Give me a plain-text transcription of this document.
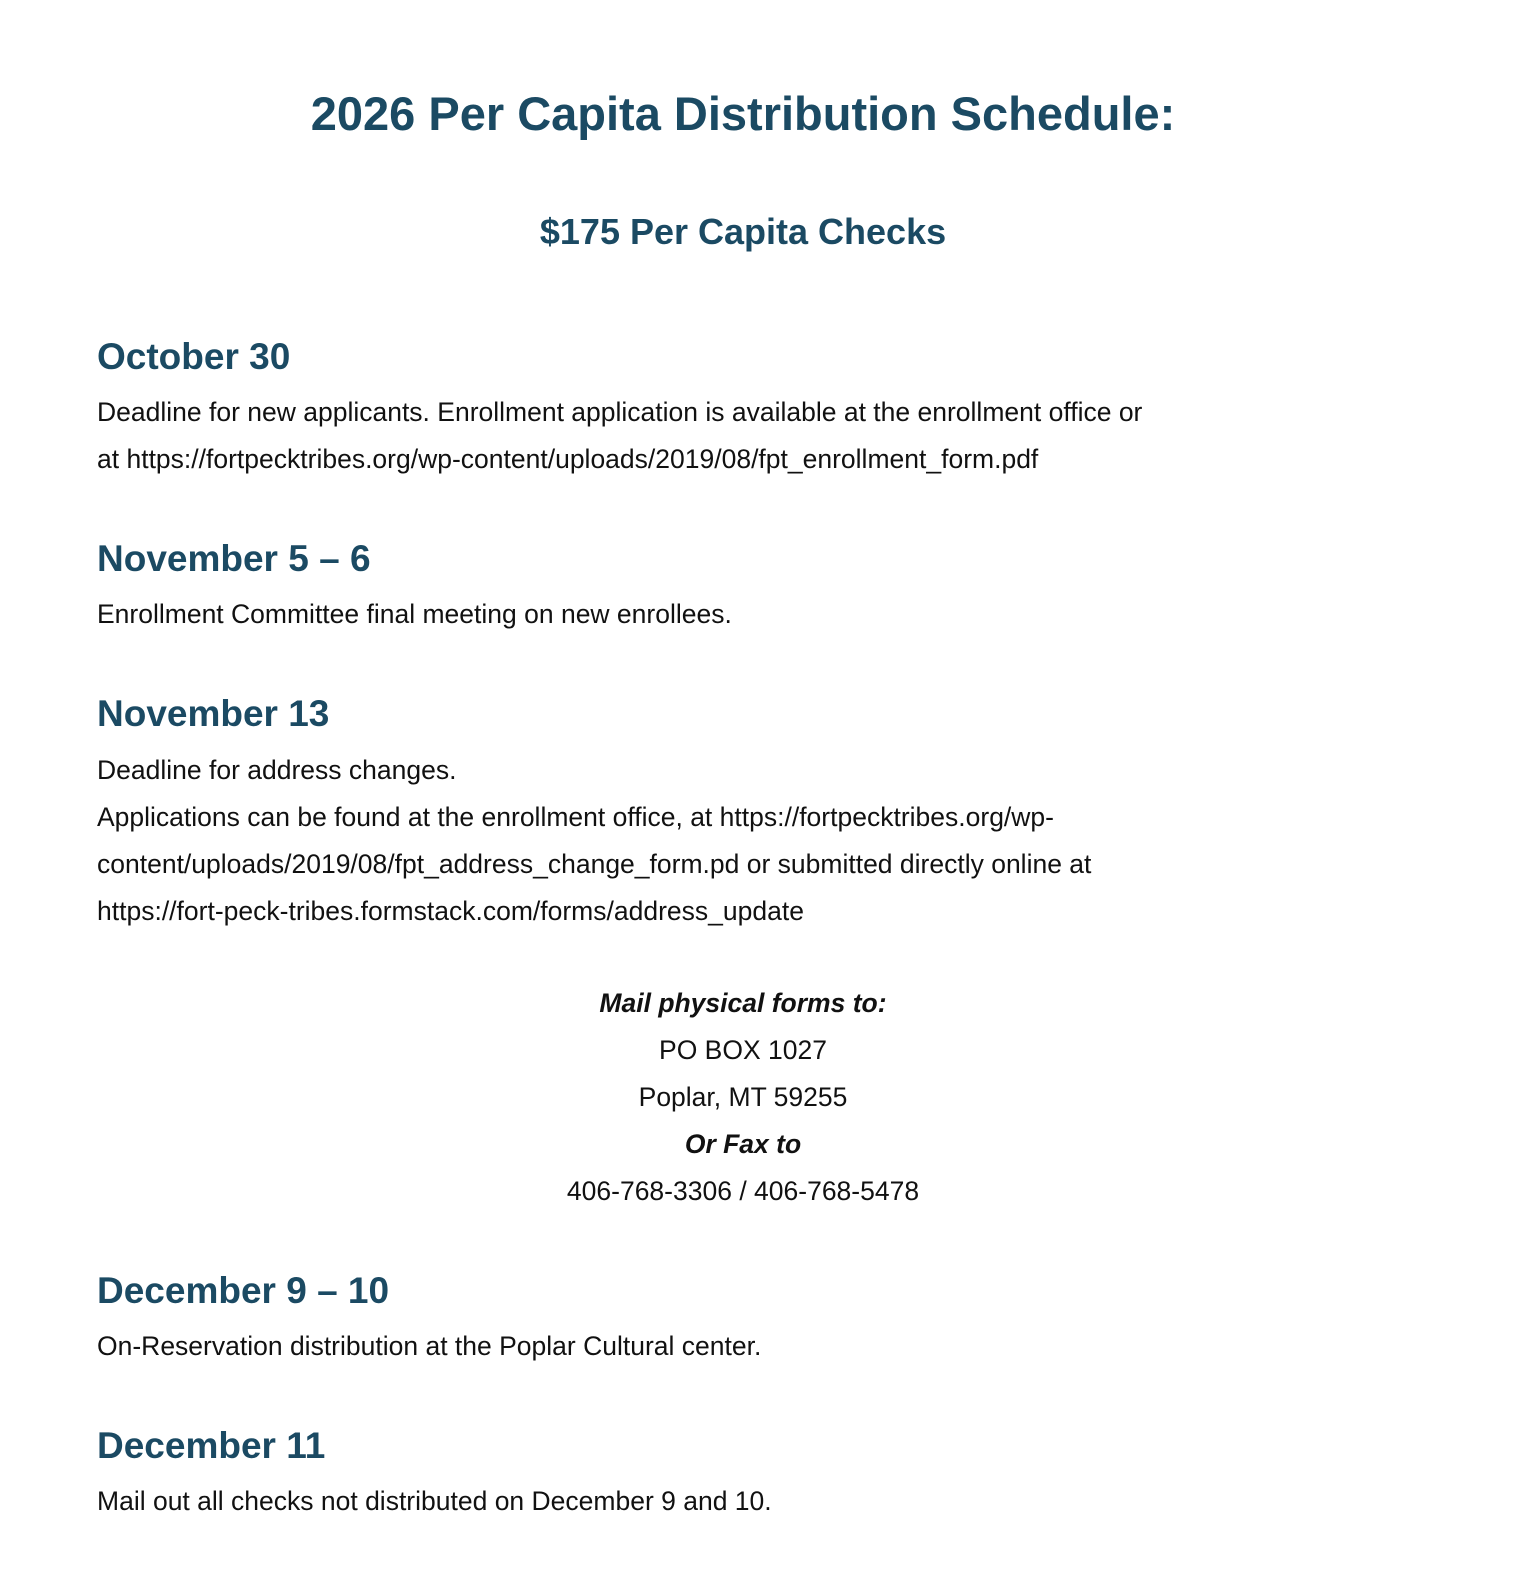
2026 Per Capita Distribution Schedule:
$175 Per Capita Checks
October 30
Deadline for new applicants. Enrollment application is available at the enrollment office or
at https://fortpecktribes.org/wp-content/uploads/2019/08/fpt_enrollment_form.pdf
November 5 – 6
Enrollment Committee final meeting on new enrollees.
November 13
Deadline for address changes.
Applications can be found at the enrollment office, at https://fortpecktribes.org/wp-
content/uploads/2019/08/fpt_address_change_form.pd or submitted directly online at
https://fort-peck-tribes.formstack.com/forms/address_update
Mail physical forms to:
PO BOX 1027
Poplar, MT 59255
Or Fax to
406-768-3306 / 406-768-5478
December 9 – 10
On-Reservation distribution at the Poplar Cultural center.
December 11
Mail out all checks not distributed on December 9 and 10.
